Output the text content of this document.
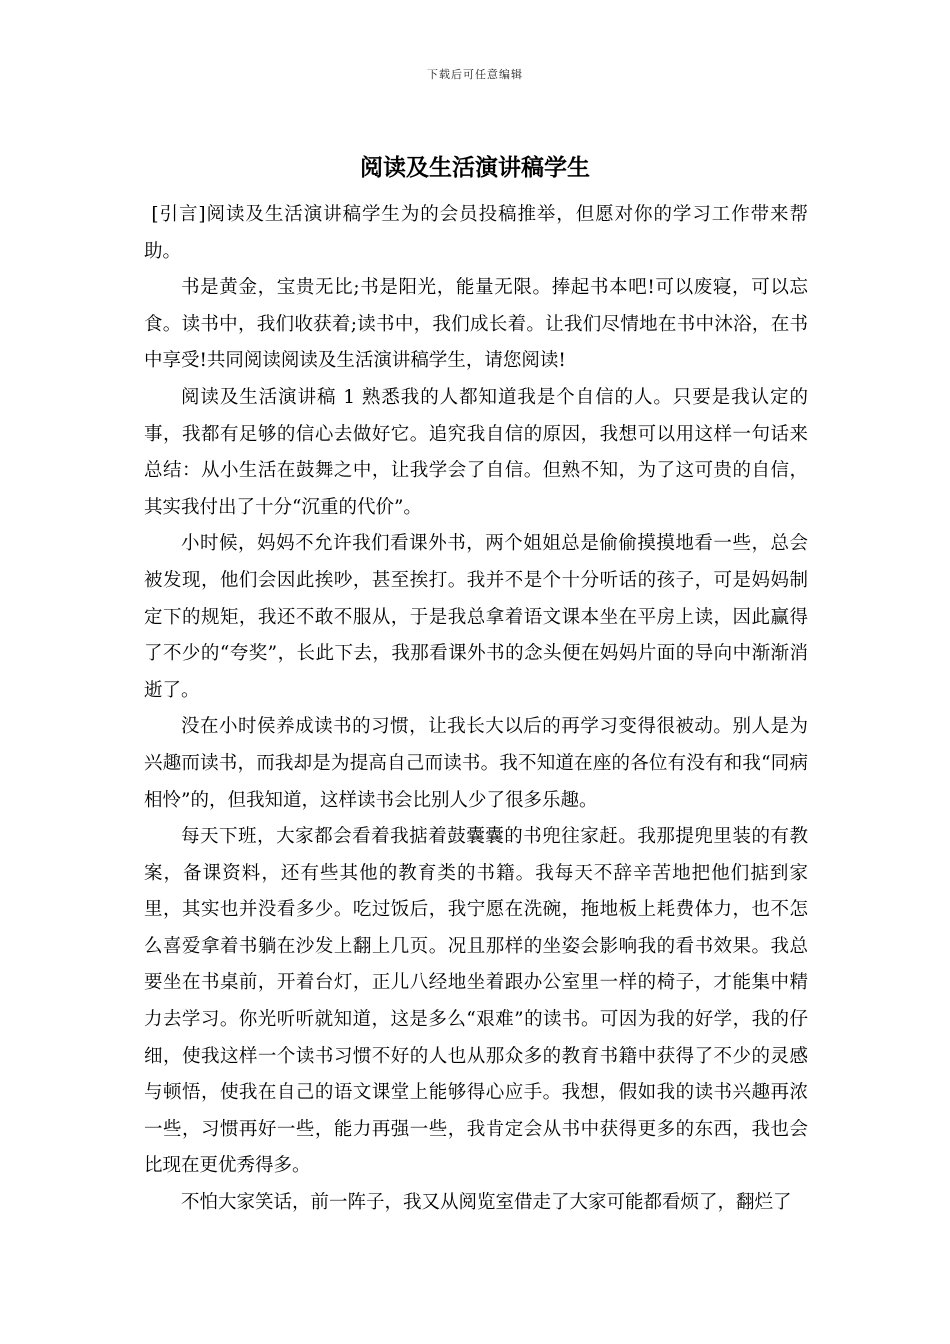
下载后可任意编辑
阅读及生活演讲稿学生

[引言]阅读及生活演讲稿学生为的会员投稿推举，但愿对你的学习工作带来帮助。

书是黄金，宝贵无比;书是阳光，能量无限。捧起书本吧!可以废寝，可以忘食。读书中，我们收获着;读书中，我们成长着。让我们尽情地在书中沐浴，在书中享受!共同阅读阅读及生活演讲稿学生，请您阅读!

阅读及生活演讲稿 1 熟悉我的人都知道我是个自信的人。只要是我认定的事，我都有足够的信心去做好它。追究我自信的原因，我想可以用这样一句话来总结：从小生活在鼓舞之中，让我学会了自信。但熟不知，为了这可贵的自信，其实我付出了十分“沉重的代价”。

小时候，妈妈不允许我们看课外书，两个姐姐总是偷偷摸摸地看一些，总会被发现，他们会因此挨吵，甚至挨打。我并不是个十分听话的孩子，可是妈妈制定下的规矩，我还不敢不服从，于是我总拿着语文课本坐在平房上读，因此赢得了不少的“夸奖”，长此下去，我那看课外书的念头便在妈妈片面的导向中渐渐消逝了。

没在小时侯养成读书的习惯，让我长大以后的再学习变得很被动。别人是为兴趣而读书，而我却是为提高自己而读书。我不知道在座的各位有没有和我“同病相怜”的，但我知道，这样读书会比别人少了很多乐趣。

每天下班，大家都会看着我掂着鼓囊囊的书兜往家赶。我那提兜里装的有教案，备课资料，还有些其他的教育类的书籍。我每天不辞辛苦地把他们掂到家里，其实也并没看多少。吃过饭后，我宁愿在洗碗，拖地板上耗费体力，也不怎么喜爱拿着书躺在沙发上翻上几页。况且那样的坐姿会影响我的看书效果。我总要坐在书桌前，开着台灯，正儿八经地坐着跟办公室里一样的椅子，才能集中精力去学习。你光听听就知道，这是多么“艰难”的读书。可因为我的好学，我的仔细，使我这样一个读书习惯不好的人也从那众多的教育书籍中获得了不少的灵感与顿悟，使我在自己的语文课堂上能够得心应手。我想，假如我的读书兴趣再浓一些，习惯再好一些，能力再强一些，我肯定会从书中获得更多的东西，我也会比现在更优秀得多。

不怕大家笑话，前一阵子，我又从阅览室借走了大家可能都看烦了，翻烂了
